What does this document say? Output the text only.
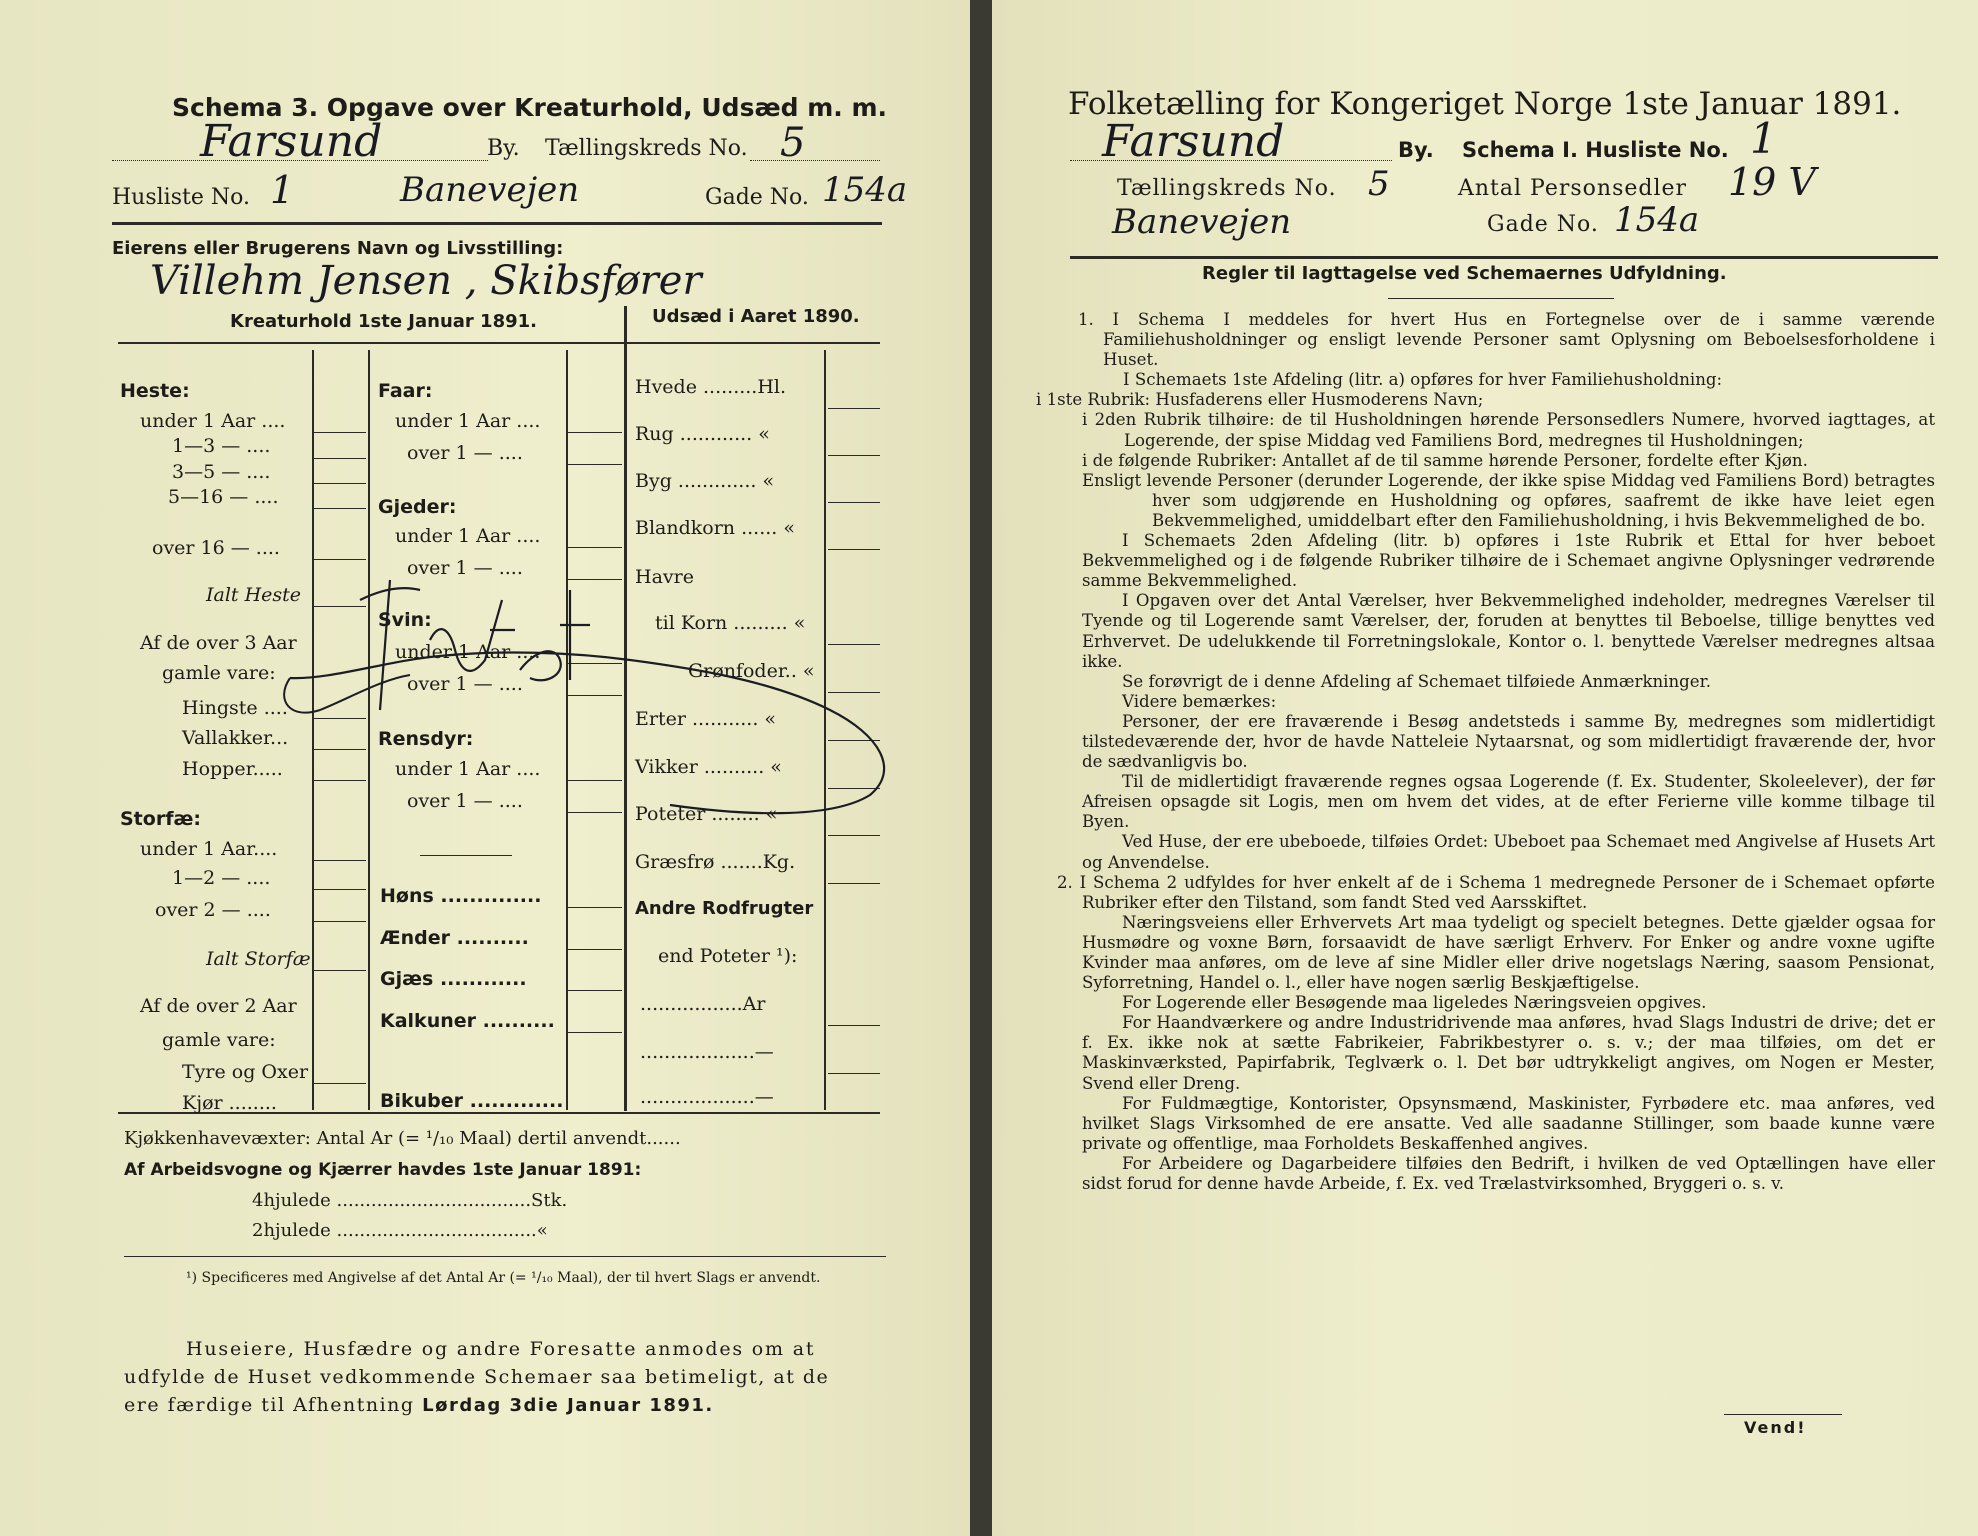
Schema 3. Opgave over Kreaturhold, Udsæd m. m.
Farsund	By. Tællingskreds No. 5
Husliste No. 1	Banevejen	Gade No. 154a
Eierens eller Brugerens Navn og Livsstilling:
Villehm Jensen , Skibsfører
Kreaturhold 1ste Januar 1891.	Udsæd i Aaret 1890.
Heste:
under 1 Aar ....
1—3 — ....
3—5 — ....
5—16 — ....
over 16 — ....
Ialt Heste
Af de over 3 Aar
gamle vare:
Hingste ....
Vallakker...
Hopper.....
Storfæ:
under 1 Aar....
1—2 — ....
over 2 — ....
Ialt Storfæ
Af de over 2 Aar
gamle vare:
Tyre og Oxer
Kjør ........
Faar:
under 1 Aar ....
over 1 — ....
Gjeder:
under 1 Aar ....
over 1 — ....
Svin:
under 1 Aar ....
over 1 — ....
Rensdyr:
under 1 Aar ....
over 1 — ....
Høns ..............
Ænder ..........
Gjæs ............
Kalkuner ..........
Bikuber .............
Hvede .........Hl.
Rug ............ «
Byg ............. «
Blandkorn ...... «
Havre
til Korn ......... «
Grønfoder.. «
Erter ........... «
Vikker .......... «
Poteter ........ «
Græsfrø .......Kg.
Andre Rodfrugter
end Poteter ¹):
.................Ar
...................—
...................—
Kjøkkenhavevæxter: Antal Ar (= ¹/₁₀ Maal) dertil anvendt......
Af Arbeidsvogne og Kjærrer havdes 1ste Januar 1891:
4hjulede ..................................Stk.
2hjulede ...................................«
¹) Specificeres med Angivelse af det Antal Ar (= ¹/₁₀ Maal), der til hvert Slags er anvendt.
Huseiere, Husfædre og andre Foresatte anmodes om at
udfylde de Huset vedkommende Schemaer saa betimeligt, at de
ere færdige til Afhentning Lørdag 3die Januar 1891.
Folketælling for Kongeriget Norge 1ste Januar 1891.
Farsund	By. Schema I. Husliste No. 1
Tællingskreds No. 5	Antal Personsedler 19 V
Banevejen	Gade No. 154a
Regler til Iagttagelse ved Schemaernes Udfyldning.

1. I Schema I meddeles for hvert Hus en Fortegnelse over de i samme værende Familiehusholdninger og ensligt levende Personer samt Oplysning om Beboelsesforholdene i Huset.

I Schemaets 1ste Afdeling (litr. a) opføres for hver Familiehusholdning:

i 1ste Rubrik: Husfaderens eller Husmoderens Navn;

i 2den Rubrik tilhøire: de til Husholdningen hørende Personsedlers Numere, hvorved iagttages, at Logerende, der spise Middag ved Familiens Bord, medregnes til Husholdningen;

i de følgende Rubriker: Antallet af de til samme hørende Personer, fordelte efter Kjøn.

Ensligt levende Personer (derunder Logerende, der ikke spise Middag ved Familiens Bord) betragtes hver som udgjørende en Husholdning og opføres, saafremt de ikke have leiet egen Bekvemmelighed, umiddelbart efter den Familiehusholdning, i hvis Bekvemmelighed de bo.

I Schemaets 2den Afdeling (litr. b) opføres i 1ste Rubrik et Ettal for hver beboet Bekvemmelighed og i de følgende Rubriker tilhøire de i Schemaet angivne Oplysninger vedrørende samme Bekvemmelighed.

I Opgaven over det Antal Værelser, hver Bekvemmelighed indeholder, medregnes Værelser til Tyende og til Logerende samt Værelser, der, foruden at benyttes til Beboelse, tillige benyttes ved Erhvervet. De udelukkende til Forretningslokale, Kontor o. l. benyttede Værelser medregnes altsaa ikke.

Se forøvrigt de i denne Afdeling af Schemaet tilføiede Anmærkninger.

Videre bemærkes:

Personer, der ere fraværende i Besøg andetsteds i samme By, medregnes som midlertidigt tilstedeværende der, hvor de havde Natteleie Nytaarsnat, og som midlertidigt fraværende der, hvor de sædvanligvis bo.

Til de midlertidigt fraværende regnes ogsaa Logerende (f. Ex. Studenter, Skoleelever), der før Afreisen opsagde sit Logis, men om hvem det vides, at de efter Ferierne ville komme tilbage til Byen.

Ved Huse, der ere ubeboede, tilføies Ordet: Ubeboet paa Schemaet med Angivelse af Husets Art og Anvendelse.

2. I Schema 2 udfyldes for hver enkelt af de i Schema 1 medregnede Personer de i Schemaet opførte Rubriker efter den Tilstand, som fandt Sted ved Aarsskiftet.

Næringsveiens eller Erhvervets Art maa tydeligt og specielt betegnes. Dette gjælder ogsaa for Husmødre og voxne Børn, forsaavidt de have særligt Erhverv. For Enker og andre voxne ugifte Kvinder maa anføres, om de leve af sine Midler eller drive nogetslags Næring, saasom Pensionat, Syforretning, Handel o. l., eller have nogen særlig Beskjæftigelse.

For Logerende eller Besøgende maa ligeledes Næringsveien opgives.

For Haandværkere og andre Industridrivende maa anføres, hvad Slags Industri de drive; det er f. Ex. ikke nok at sætte Fabrikeier, Fabrikbestyrer o. s. v.; der maa tilføies, om det er Maskinværksted, Papirfabrik, Teglværk o. l. Det bør udtrykkeligt angives, om Nogen er Mester, Svend eller Dreng.

For Fuldmægtige, Kontorister, Opsynsmænd, Maskinister, Fyrbødere etc. maa anføres, ved hvilket Slags Virksomhed de ere ansatte. Ved alle saadanne Stillinger, som baade kunne være private og offentlige, maa Forholdets Beskaffenhed angives.

For Arbeidere og Dagarbeidere tilføies den Bedrift, i hvilken de ved Optællingen have eller sidst forud for denne havde Arbeide, f. Ex. ved Trælastvirksomhed, Bryggeri o. s. v.

Vend!
